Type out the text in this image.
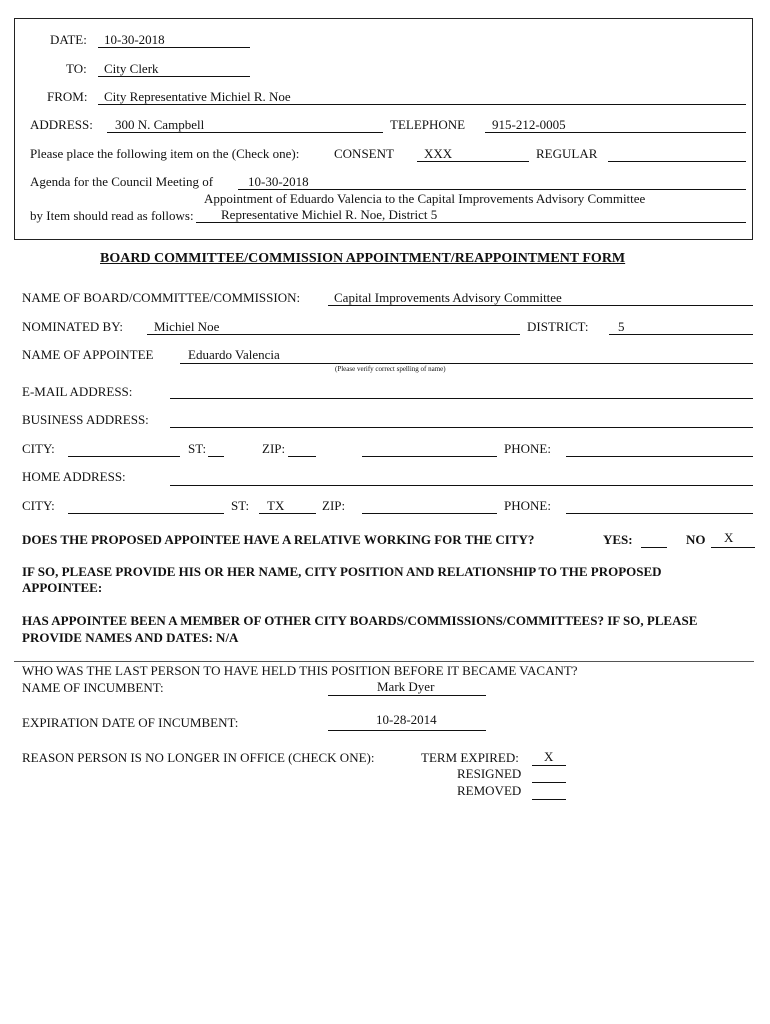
DATE: 10-30-2018
TO: City Clerk
FROM: City Representative Michiel R. Noe
ADDRESS: 300 N. Campbell	TELEPHONE 915-212-0005
Please place the following item on the (Check one):	CONSENT XXX	REGULAR
Agenda for the Council Meeting of	10-30-2018
Appointment of Eduardo Valencia to the Capital Improvements Advisory Committee
by Item should read as follows: Representative Michiel R. Noe, District 5
BOARD COMMITTEE/COMMISSION APPOINTMENT/REAPPOINTMENT FORM
NAME OF BOARD/COMMITTEE/COMMISSION:	Capital Improvements Advisory Committee
NOMINATED BY: Michiel Noe	DISTRICT: 5
NAME OF APPOINTEE	Eduardo Valencia
(Please verify correct spelling of name)
E-MAIL ADDRESS:
BUSINESS ADDRESS:
CITY:	ST:	ZIP:	PHONE:
HOME ADDRESS:
CITY:	ST: TX	ZIP:	PHONE:
DOES THE PROPOSED APPOINTEE HAVE A RELATIVE WORKING FOR THE CITY?	YES:	NO X
IF SO, PLEASE PROVIDE HIS OR HER NAME, CITY POSITION AND RELATIONSHIP TO THE PROPOSED
APPOINTEE:
HAS APPOINTEE BEEN A MEMBER OF OTHER CITY BOARDS/COMMISSIONS/COMMITTEES? IF SO, PLEASE
PROVIDE NAMES AND DATES: N/A
WHO WAS THE LAST PERSON TO HAVE HELD THIS POSITION BEFORE IT BECAME VACANT?
NAME OF INCUMBENT:	Mark Dyer
EXPIRATION DATE OF INCUMBENT:	10-28-2014
REASON PERSON IS NO LONGER IN OFFICE (CHECK ONE):	TERM EXPIRED: X
RESIGNED
REMOVED
